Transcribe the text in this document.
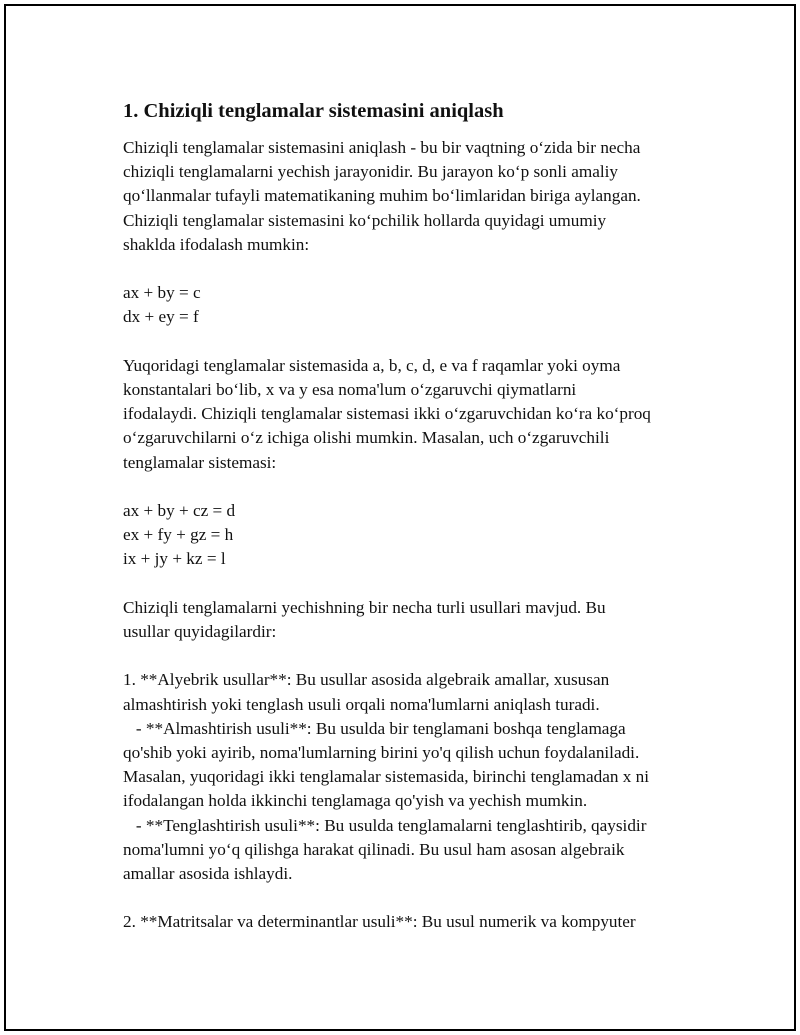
1. Chiziqli tenglamalar sistemasini aniqlash

Chiziqli tenglamalar sistemasini aniqlash - bu bir vaqtning o‘zida bir necha
chiziqli tenglamalarni yechish jarayonidir. Bu jarayon ko‘p sonli amaliy
qo‘llanmalar tufayli matematikaning muhim bo‘limlaridan biriga aylangan.
Chiziqli tenglamalar sistemasini ko‘pchilik hollarda quyidagi umumiy
shaklda ifodalash mumkin:

ax + by = c
dx + ey = f

Yuqoridagi tenglamalar sistemasida a, b, c, d, e va f raqamlar yoki oyma
konstantalari bo‘lib, x va y esa noma'lum o‘zgaruvchi qiymatlarni
ifodalaydi. Chiziqli tenglamalar sistemasi ikki o‘zgaruvchidan ko‘ra ko‘proq
o‘zgaruvchilarni o‘z ichiga olishi mumkin. Masalan, uch o‘zgaruvchili
tenglamalar sistemasi:

ax + by + cz = d
ex + fy + gz = h
ix + jy + kz = l

Chiziqli tenglamalarni yechishning bir necha turli usullari mavjud. Bu
usullar quyidagilardir:

1. **Alyebrik usullar**: Bu usullar asosida algebraik amallar, xususan
almashtirish yoki tenglash usuli orqali noma'lumlarni aniqlash turadi.
- **Almashtirish usuli**: Bu usulda bir tenglamani boshqa tenglamaga
qo'shib yoki ayirib, noma'lumlarning birini yo'q qilish uchun foydalaniladi.
Masalan, yuqoridagi ikki tenglamalar sistemasida, birinchi tenglamadan x ni
ifodalangan holda ikkinchi tenglamaga qo'yish va yechish mumkin.
- **Tenglashtirish usuli**: Bu usulda tenglamalarni tenglashtirib, qaysidir
noma'lumni yo‘q qilishga harakat qilinadi. Bu usul ham asosan algebraik
amallar asosida ishlaydi.

2. **Matritsalar va determinantlar usuli**: Bu usul numerik va kompyuter
